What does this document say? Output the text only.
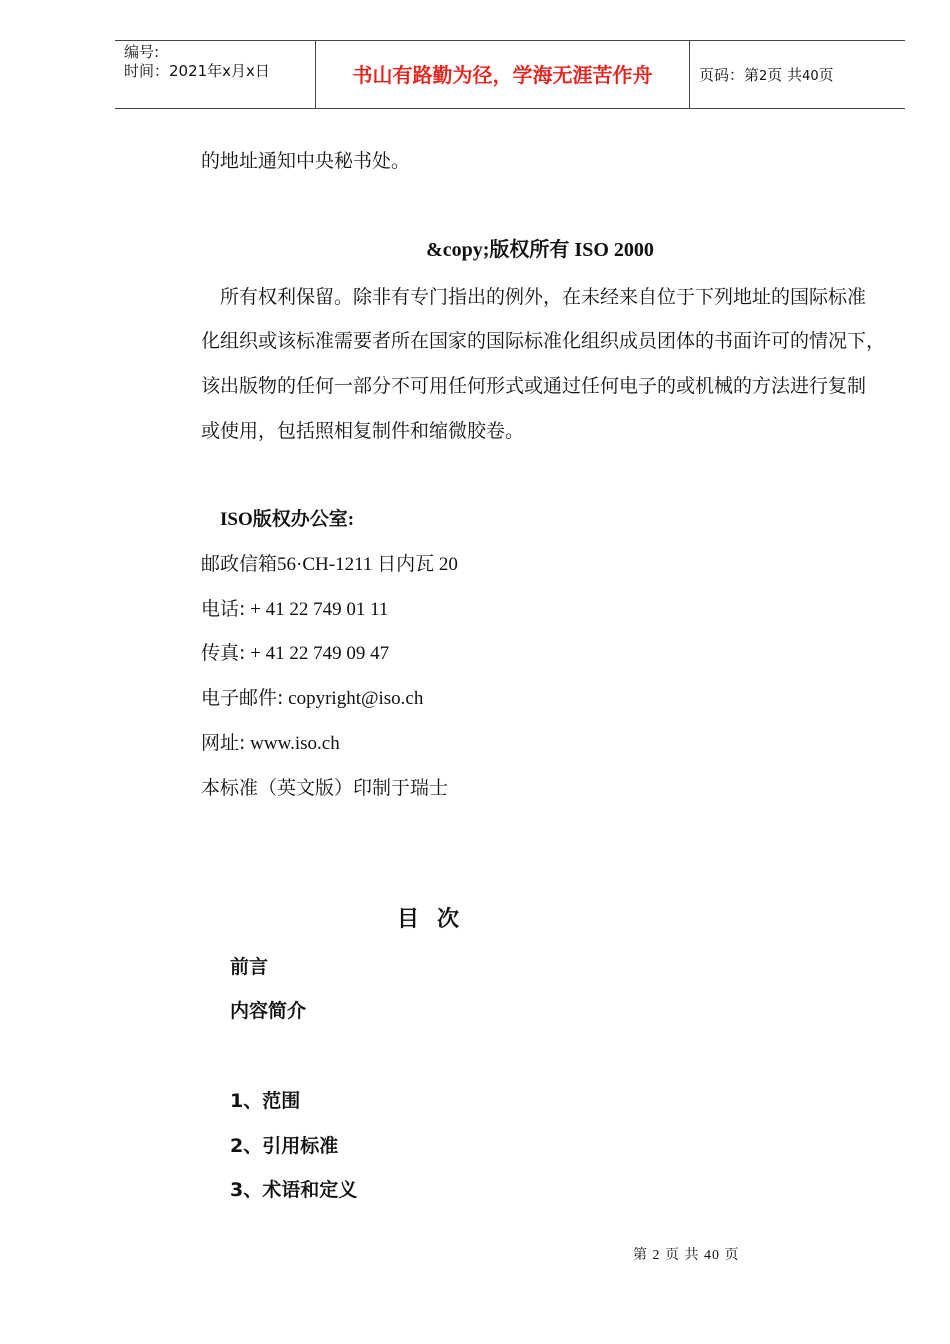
编号:
时间：2021年x月x日	书山有路勤为径，学海无涯苦作舟	页码：第2页 共40页
的地址通知中央秘书处。
&copy;版权所有 ISO 2000
所有权利保留。除非有专门指出的例外，在未经来自位于下列地址的国际标准
化组织或该标准需要者所在国家的国际标准化组织成员团体的书面许可的情况下，
该出版物的任何一部分不可用任何形式或通过任何电子的或机械的方法进行复制
或使用，包括照相复制件和缩微胶卷。
ISO版权办公室:
邮政信箱56·CH-1211 日内瓦 20
电话: + 41 22 749 01 11
传真: + 41 22 749 09 47
电子邮件: copyright@iso.ch
网址: www.iso.ch
本标准（英文版）印制于瑞士
目次
前言
内容简介
1、范围
2、引用标准
3、术语和定义
第 2 页 共 40 页
